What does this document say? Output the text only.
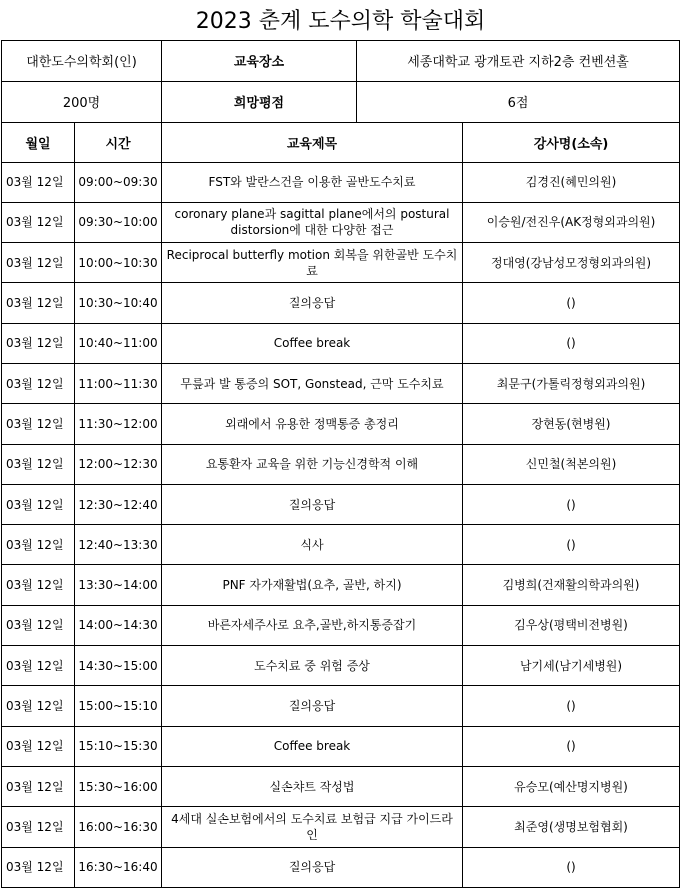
2023 춘계 도수의학 학술대회				
대한도수의학회(인)		교육장소	세종대학교 광개토관 지하2층 컨벤션홀	
200명		희망평점	6점	
월일	시간	교육제목		강사명(소속)
03월 12일	09:00~09:30	FST와 발란스건을 이용한 골반도수치료		김경진(혜민의원)
03월 12일	09:30~10:00	coronary plane과 sagittal plane에서의 postural distorsion에 대한 다양한 접근		이승원/전진우(AK정형외과의원)
03월 12일	10:00~10:30	Reciprocal butterfly motion 회복을 위한골반 도수치료		정대영(강남성모정형외과의원)
03월 12일	10:30~10:40	질의응답		()
03월 12일	10:40~11:00	Coffee break		()
03월 12일	11:00~11:30	무릎과 발 통증의 SOT, Gonstead, 근막 도수치료		최문구(가톨릭정형외과의원)
03월 12일	11:30~12:00	외래에서 유용한 정맥통증 총정리		장현동(현병원)
03월 12일	12:00~12:30	요통환자 교육을 위한 기능신경학적 이해		신민철(척본의원)
03월 12일	12:30~12:40	질의응답		()
03월 12일	12:40~13:30	식사		()
03월 12일	13:30~14:00	PNF 자가재활법(요추, 골반, 하지)		김병희(건재활의학과의원)
03월 12일	14:00~14:30	바른자세주사로 요추,골반,하지통증잡기		김우상(평택비전병원)
03월 12일	14:30~15:00	도수치료 중 위험 증상		남기세(남기세병원)
03월 12일	15:00~15:10	질의응답		()
03월 12일	15:10~15:30	Coffee break		()
03월 12일	15:30~16:00	실손챠트 작성법		유승모(예산명지병원)
03월 12일	16:00~16:30	4세대 실손보험에서의 도수치료 보험급 지급 가이드라인		최준영(생명보험협회)
03월 12일	16:30~16:40	질의응답		()
